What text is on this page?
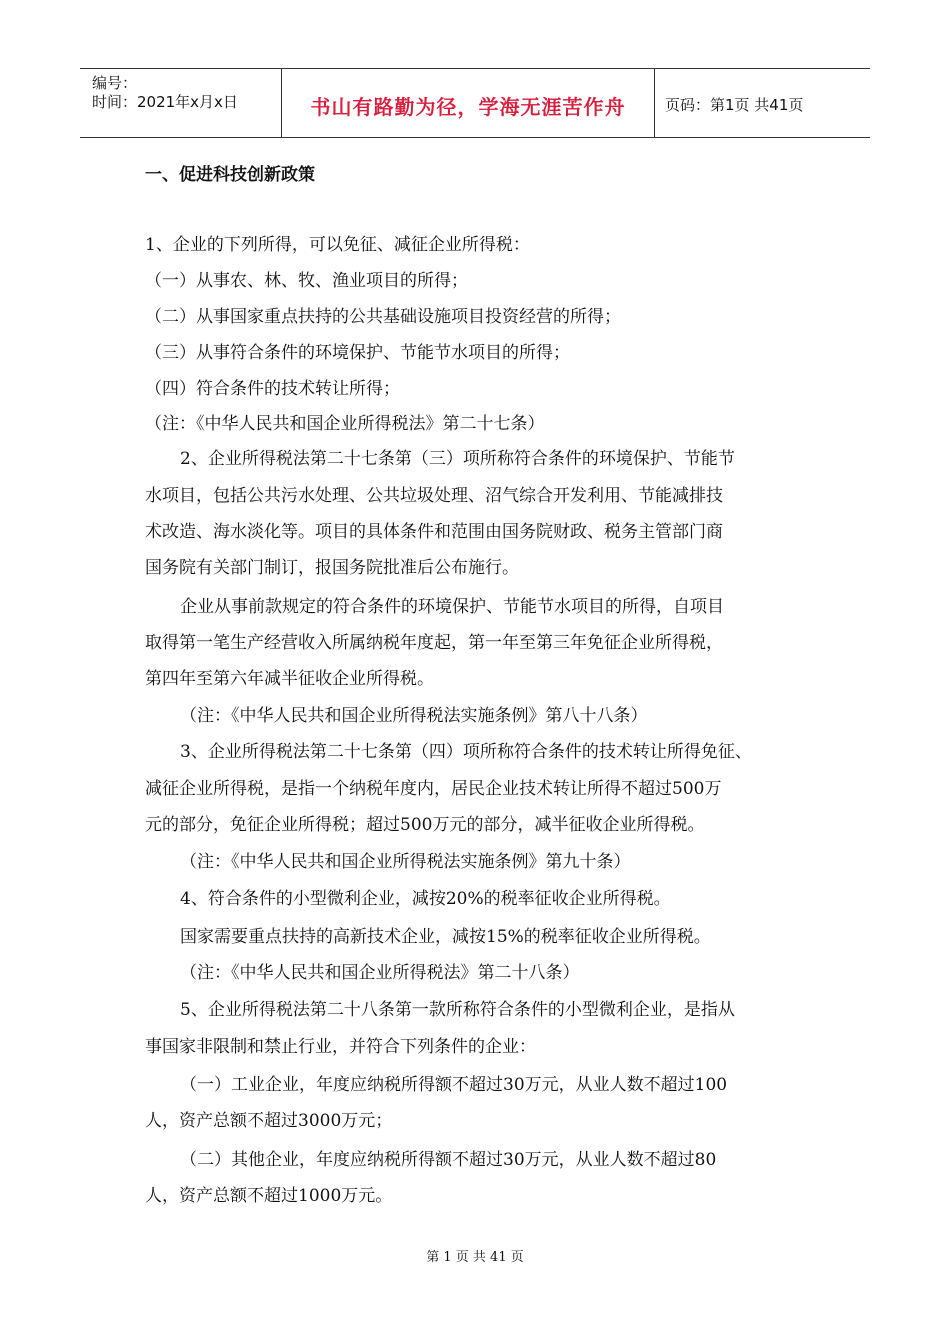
编号：
时间：2021年x月x日	书山有路勤为径，学海无涯苦作舟	页码：第1页 共41页
一、促进科技创新政策
1、企业的下列所得，可以免征、减征企业所得税：
（一）从事农、林、牧、渔业项目的所得；
（二）从事国家重点扶持的公共基础设施项目投资经营的所得；
（三）从事符合条件的环境保护、节能节水项目的所得；
（四）符合条件的技术转让所得；
（注：《中华人民共和国企业所得税法》第二十七条）
2、企业所得税法第二十七条第（三）项所称符合条件的环境保护、节能节
水项目，包括公共污水处理、公共垃圾处理、沼气综合开发利用、节能减排技
术改造、海水淡化等。项目的具体条件和范围由国务院财政、税务主管部门商
国务院有关部门制订，报国务院批准后公布施行。
企业从事前款规定的符合条件的环境保护、节能节水项目的所得，自项目
取得第一笔生产经营收入所属纳税年度起，第一年至第三年免征企业所得税，
第四年至第六年减半征收企业所得税。
（注：《中华人民共和国企业所得税法实施条例》第八十八条）
3、企业所得税法第二十七条第（四）项所称符合条件的技术转让所得免征、
减征企业所得税，是指一个纳税年度内，居民企业技术转让所得不超过500万
元的部分，免征企业所得税；超过500万元的部分，减半征收企业所得税。
（注：《中华人民共和国企业所得税法实施条例》第九十条）
4、符合条件的小型微利企业，减按20%的税率征收企业所得税。
国家需要重点扶持的高新技术企业，减按15%的税率征收企业所得税。
（注：《中华人民共和国企业所得税法》第二十八条）
5、企业所得税法第二十八条第一款所称符合条件的小型微利企业，是指从
事国家非限制和禁止行业，并符合下列条件的企业：
（一）工业企业，年度应纳税所得额不超过30万元，从业人数不超过100
人，资产总额不超过3000万元；
（二）其他企业，年度应纳税所得额不超过30万元，从业人数不超过80
人，资产总额不超过1000万元。
第 1 页 共 41 页
